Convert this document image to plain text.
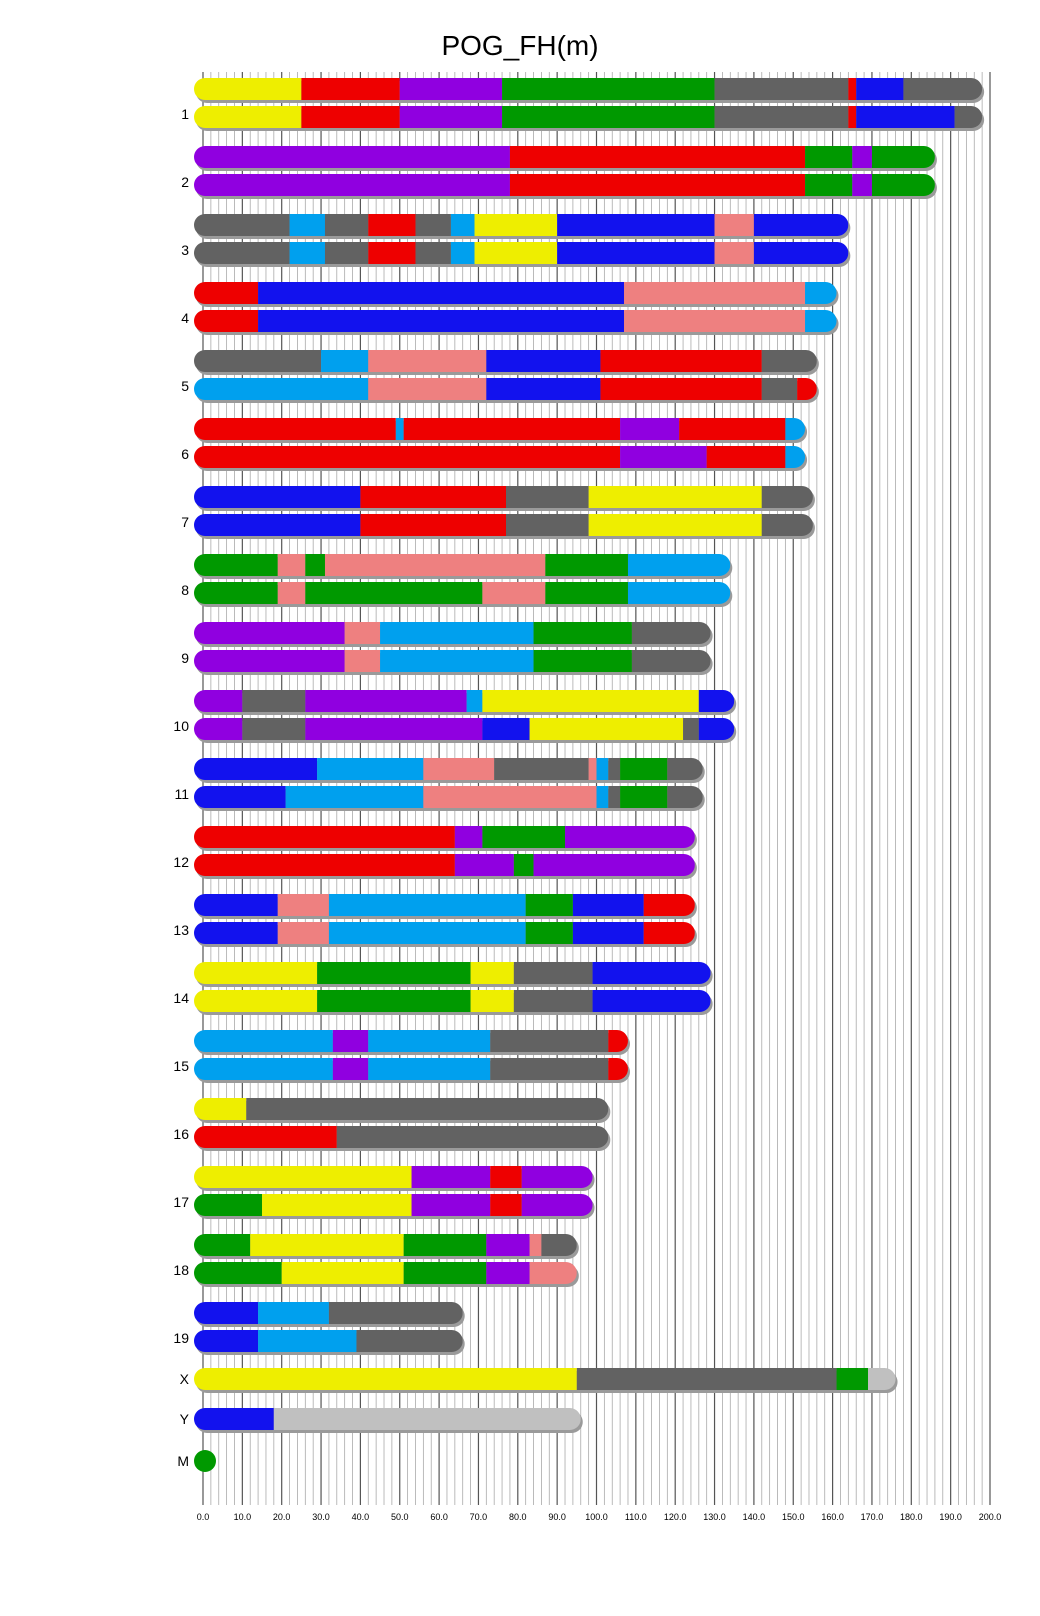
POG_FH(m)
0.0	10.0 20.0 30.0 40.0 50.0 60.0 70.0 80.0 90.0 100.0 110.0 120.0 130.0 140.0 150.0 160.0 170.0 180.0 190.0 200.0
1
2
3
4
5
6
7
8
9
10
11
12
13
14
15
16
17
18
19
X
Y
M
